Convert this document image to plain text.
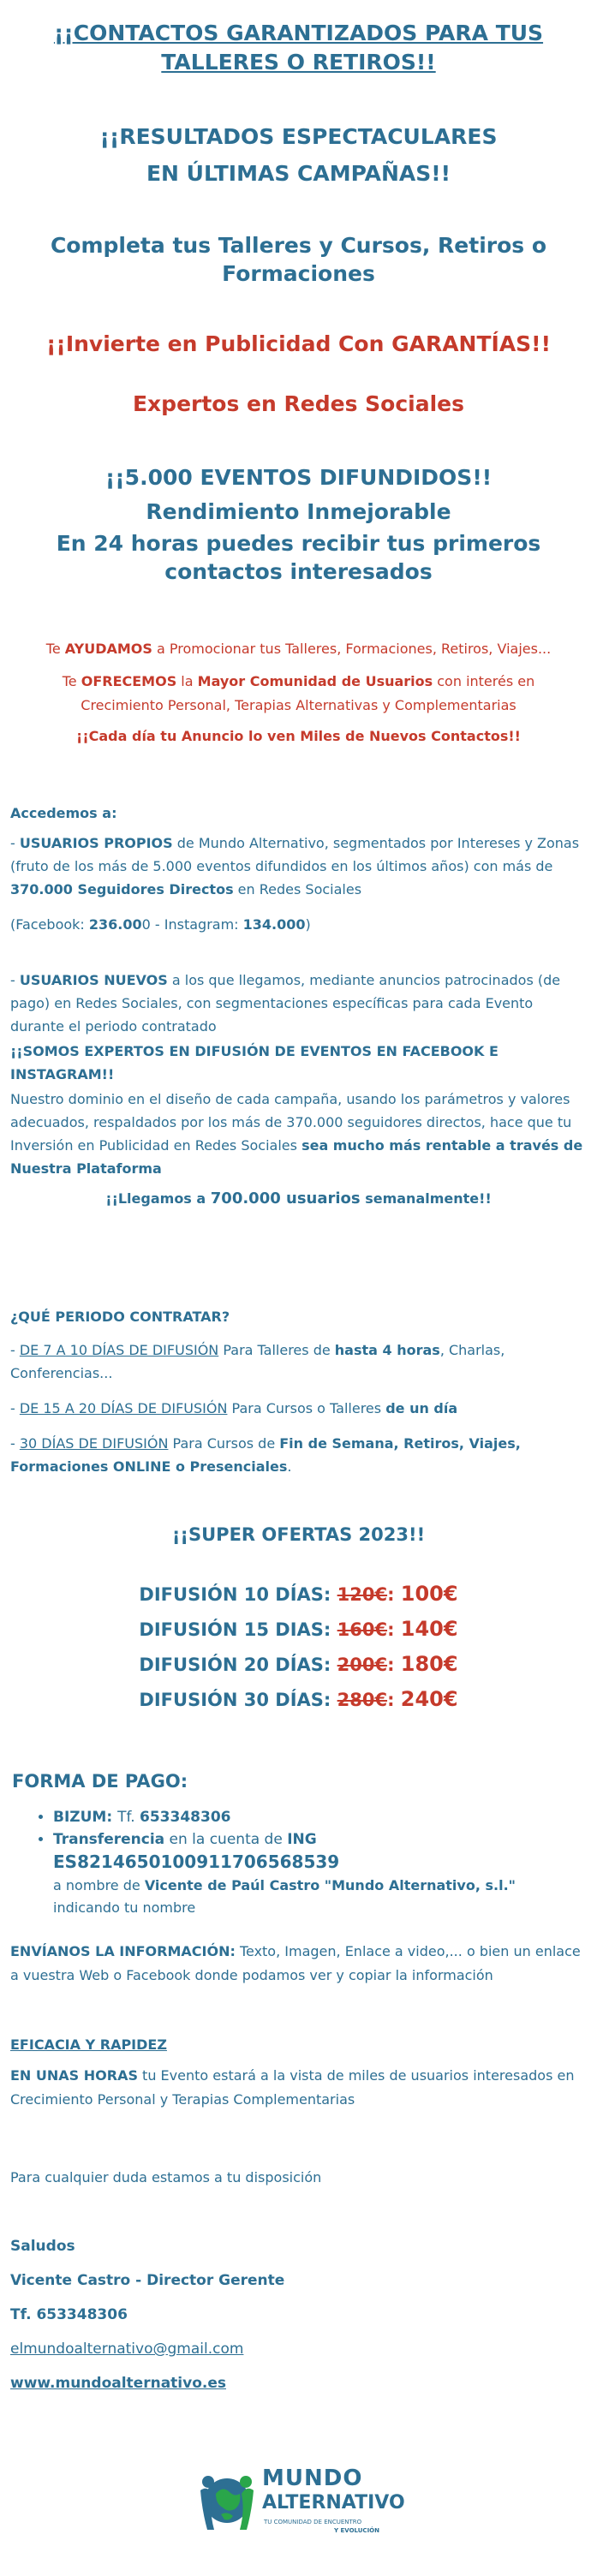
¡¡CONTACTOS GARANTIZADOS PARA TUS TALLERES O RETIROS!!

¡¡RESULTADOS ESPECTACULARES

EN ÚLTIMAS CAMPAÑAS!!

Completa tus Talleres y Cursos, Retiros o Formaciones

¡¡Invierte en Publicidad Con GARANTÍAS!!

Expertos en Redes Sociales

¡¡5.000 EVENTOS DIFUNDIDOS!!

Rendimiento Inmejorable

En 24 horas puedes recibir tus primeros contactos interesados

Te AYUDAMOS a Promocionar tus Talleres, Formaciones, Retiros, Viajes...

Te OFRECEMOS la Mayor Comunidad de Usuarios con interés en Crecimiento Personal, Terapias Alternativas y Complementarias

¡¡Cada día tu Anuncio lo ven Miles de Nuevos Contactos!!

Accedemos a:

- USUARIOS PROPIOS de Mundo Alternativo, segmentados por Intereses y Zonas (fruto de los más de 5.000 eventos difundidos en los últimos años) con más de 370.000 Seguidores Directos en Redes Sociales

(Facebook: 236.000 - Instagram: 134.000)

- USUARIOS NUEVOS a los que llegamos, mediante anuncios patrocinados (de pago) en Redes Sociales, con segmentaciones específicas para cada Evento durante el periodo contratado

¡¡SOMOS EXPERTOS EN DIFUSIÓN DE EVENTOS EN FACEBOOK E INSTAGRAM!!

Nuestro dominio en el diseño de cada campaña, usando los parámetros y valores adecuados, respaldados por los más de 370.000 seguidores directos, hace que tu Inversión en Publicidad en Redes Sociales sea mucho más rentable a través de Nuestra Plataforma

¡¡Llegamos a 700.000 usuarios semanalmente!!

¿QUÉ PERIODO CONTRATAR?

- DE 7 A 10 DÍAS DE DIFUSIÓN Para Talleres de hasta 4 horas, Charlas, Conferencias...

- DE 15 A 20 DÍAS DE DIFUSIÓN Para Cursos o Talleres de un día

- 30 DÍAS DE DIFUSIÓN Para Cursos de Fin de Semana, Retiros, Viajes, Formaciones ONLINE o Presenciales.

¡¡SUPER OFERTAS 2023!!

DIFUSIÓN 10 DÍAS: 120€: 100€

DIFUSIÓN 15 DIAS: 160€: 140€

DIFUSIÓN 20 DÍAS: 200€: 180€

DIFUSIÓN 30 DÍAS: 280€: 240€

FORMA DE PAGO:

• BIZUM: Tf. 653348306
• Transferencia en la cuenta de ING
ES8214650100911706568539
a nombre de Vicente de Paúl Castro "Mundo Alternativo, s.l."
indicando tu nombre

ENVÍANOS LA INFORMACIÓN: Texto, Imagen, Enlace a video,... o bien un enlace a vuestra Web o Facebook donde podamos ver y copiar la información

EFICACIA Y RAPIDEZ

EN UNAS HORAS tu Evento estará a la vista de miles de usuarios interesados en Crecimiento Personal y Terapias Complementarias

Para cualquier duda estamos a tu disposición

Saludos

Vicente Castro - Director Gerente

Tf. 653348306

elmundoalternativo@gmail.com

www.mundoalternativo.es

MUNDO
ALTERNATIVO
TU COMUNIDAD DE ENCUENTRO
Y EVOLUCIÓN
